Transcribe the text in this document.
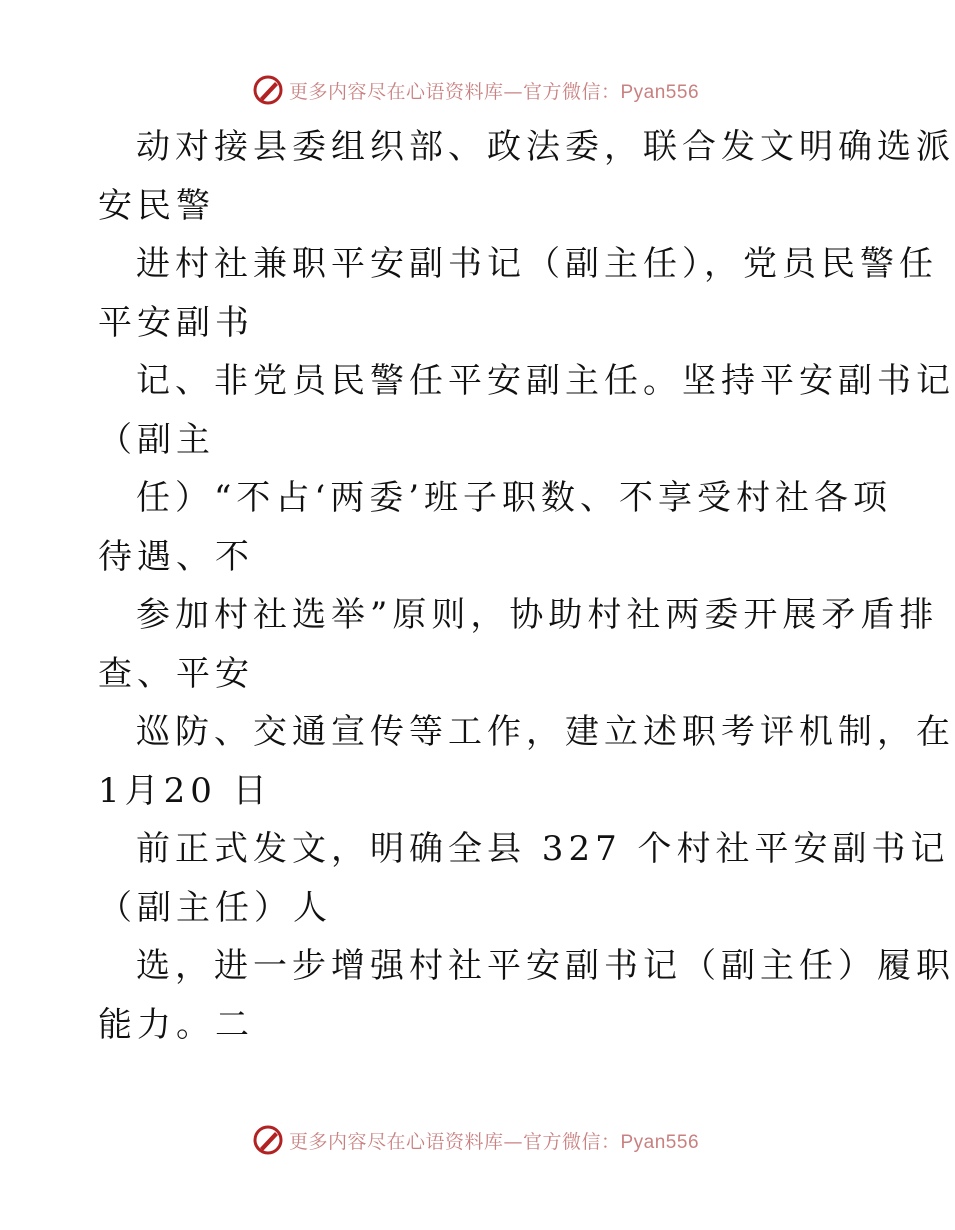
更多内容尽在心语资料库—官方微信：Pyan556
动对接县委组织部、政法委，联合发文明确选派
安民警
进村社兼职平安副书记（副主任），党员民警任
平安副书
记、非党员民警任平安副主任。坚持平安副书记
（副主
任）“不占‘两委’班子职数、不享受村社各项
待遇、不
参加村社选举”原则，协助村社两委开展矛盾排
查、平安
巡防、交通宣传等工作，建立述职考评机制，在
1月20 日
前正式发文，明确全县 327 个村社平安副书记
（副主任）人
选，进一步增强村社平安副书记（副主任）履职
能力。二
更多内容尽在心语资料库—官方微信：Pyan556
